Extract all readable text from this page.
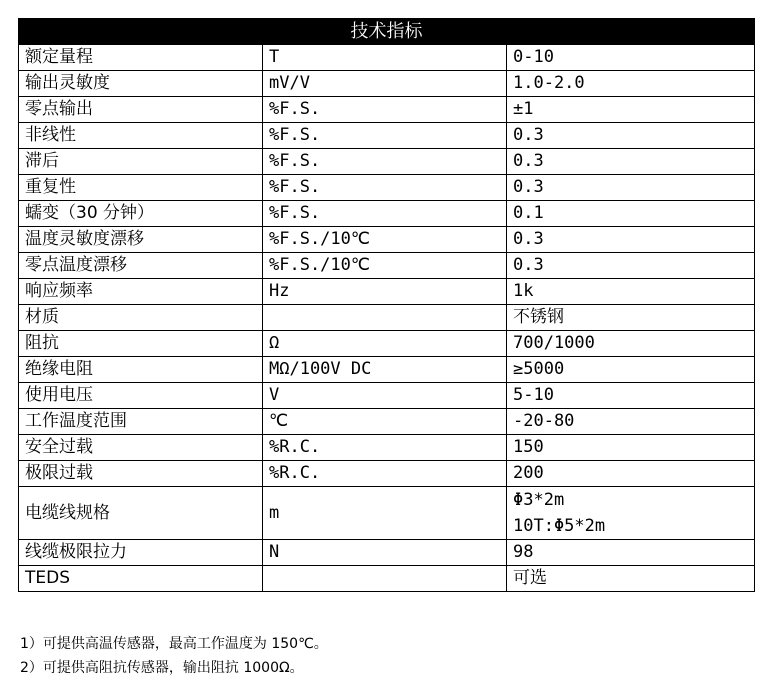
技术指标		
额定量程	T	0-10
输出灵敏度	mV/V	1.0-2.0
零点输出	%F.S.	±1
非线性	%F.S.	0.3
滞后	%F.S.	0.3
重复性	%F.S.	0.3
蠕变（30 分钟）	%F.S.	0.1
温度灵敏度漂移	%F.S./10℃	0.3
零点温度漂移	%F.S./10℃	0.3
响应频率	Hz	1k
材质		不锈钢
阻抗	Ω	700/1000
绝缘电阻	MΩ/100V DC	≥5000
使用电压	V	5-10
工作温度范围	℃	-20-80
安全过载	%R.C.	150
极限过载	%R.C.	200
电缆线规格	m	Φ3*2m
10T:Φ5*2m

线缆极限拉力	N	98
TEDS		可选
1）可提供高温传感器，最高工作温度为 150℃。
2）可提供高阻抗传感器，输出阻抗 1000Ω。
